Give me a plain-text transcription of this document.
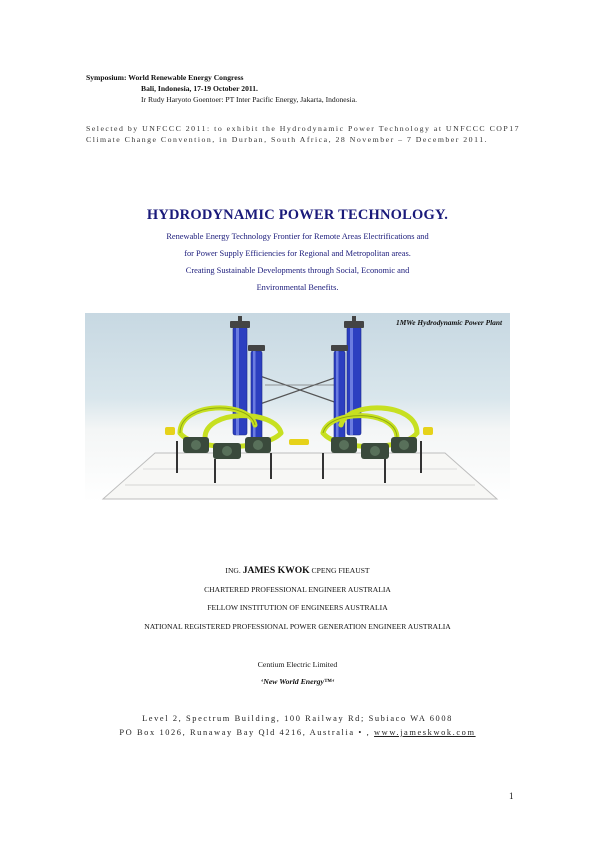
Symposium: World Renewable Energy Congress
Bali, Indonesia, 17-19 October 2011.
Ir Rudy Haryoto Goentoer: PT Inter Pacific Energy, Jakarta, Indonesia.
Selected by UNFCCC 2011: to exhibit the Hydrodynamic Power Technology at UNFCCC COP17
Climate Change Convention, in Durban, South Africa, 28 November – 7 December 2011.
HYDRODYNAMIC POWER TECHNOLOGY.
Renewable Energy Technology Frontier for Remote Areas Electrifications and
for Power Supply Efficiencies for Regional and Metropolitan areas.
Creating Sustainable Developments through Social, Economic and
Environmental Benefits.
1MWe Hydrodynamic Power Plant
ING. JAMES KWOK CPENG FIEAUST
CHARTERED PROFESSIONAL ENGINEER AUSTRALIA
FELLOW INSTITUTION OF ENGINEERS AUSTRALIA
NATIONAL REGISTERED PROFESSIONAL POWER GENERATION ENGINEER AUSTRALIA
Centium Electric Limited
‘New World Energy™‘
Level 2, Spectrum Building, 100 Railway Rd; Subiaco WA 6008
PO Box 1026, Runaway Bay Qld 4216, Australia • , www.jameskwok.com
1
